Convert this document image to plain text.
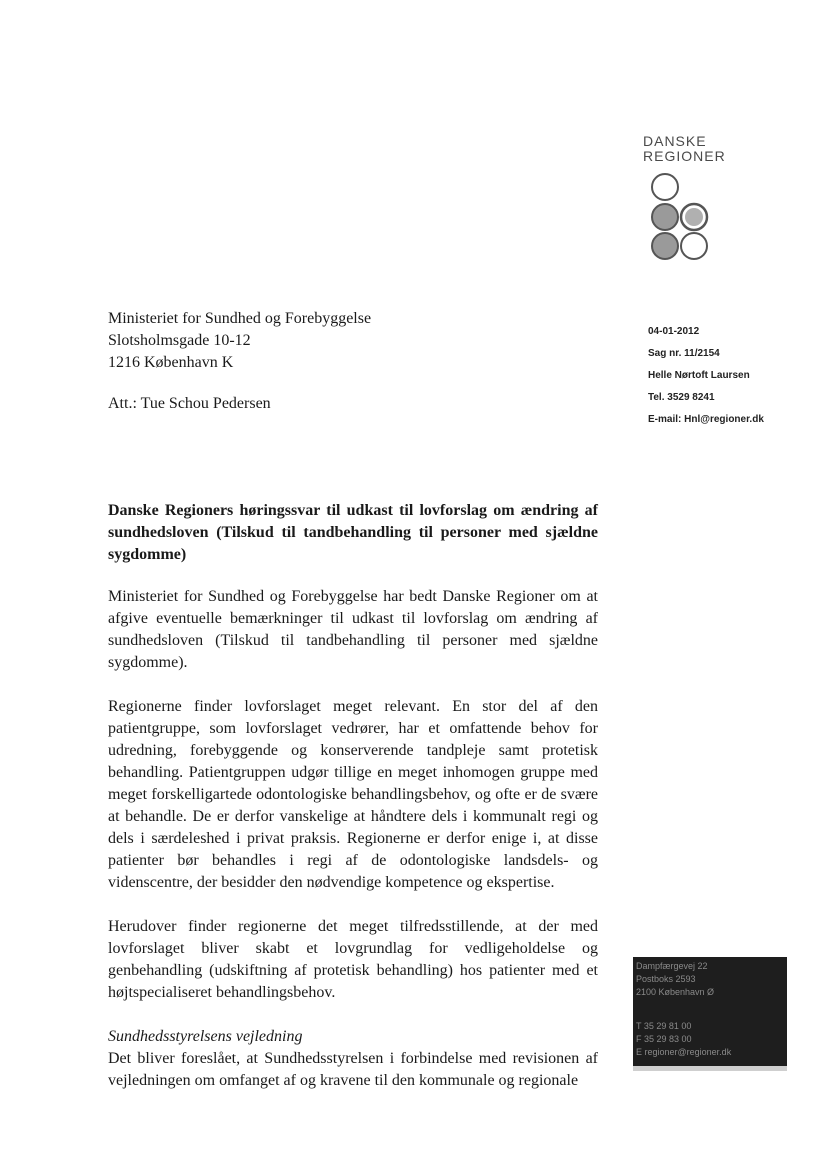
DANSKE
REGIONER
Ministeriet for Sundhed og Forebyggelse
Slotsholmsgade 10-12
1216 København K
Att.: Tue Schou Pedersen
04-01-2012
Sag nr. 11/2154
Helle Nørtoft Laursen
Tel. 3529 8241
E-mail: Hnl@regioner.dk

Danske Regioners høringssvar til udkast til lovforslag om ændring af sundhedsloven (Tilskud til tandbehandling til personer med sjældne sygdomme)

Ministeriet for Sundhed og Forebyggelse har bedt Danske Regioner om at afgive eventuelle bemærkninger til udkast til lovforslag om ændring af sundhedsloven (Tilskud til tandbehandling til personer med sjældne sygdomme).

Regionerne finder lovforslaget meget relevant. En stor del af den patientgruppe, som lovforslaget vedrører, har et omfattende behov for udredning, forebyggende og konserverende tandpleje samt protetisk behandling. Patientgruppen udgør tillige en meget inhomogen gruppe med meget forskelligartede odontologiske behandlingsbehov, og ofte er de svære at behandle. De er derfor vanskelige at håndtere dels i kommunalt regi og dels i særdeleshed i privat praksis. Regionerne er derfor enige i, at disse patienter bør behandles i regi af de odontologiske landsdels- og videnscentre, der besidder den nødvendige kompetence og ekspertise.

Herudover finder regionerne det meget tilfredsstillende, at der med lovforslaget bliver skabt et lovgrundlag for vedligeholdelse og genbehandling (udskiftning af protetisk behandling) hos patienter med et højtspecialiseret behandlingsbehov.

Sundhedsstyrelsens vejledning

Det bliver foreslået, at Sundhedsstyrelsen i forbindelse med revisionen af vejledningen om omfanget af og kravene til den kommunale og regionale

Dampfærgevej 22
Postboks 2593
2100 København Ø
T 35 29 81 00
F 35 29 83 00
E regioner@regioner.dk
